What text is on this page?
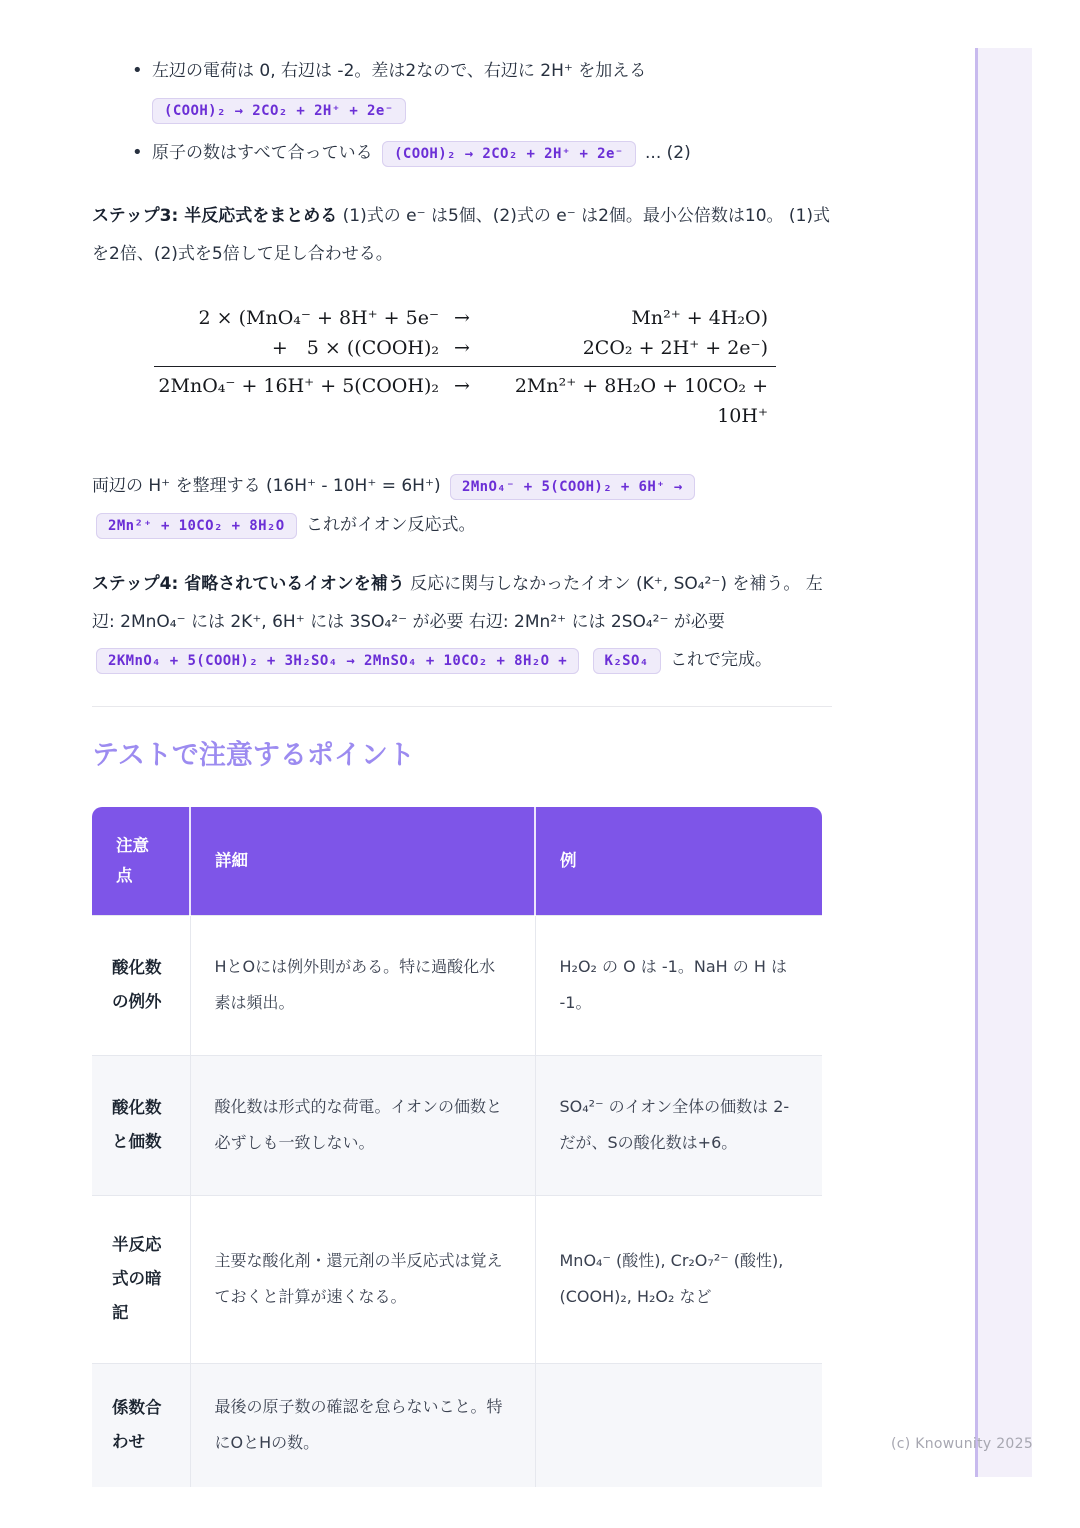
• 左辺の電荷は 0, 右辺は -2。差は2なので、右辺に 2H⁺ を加える
(COOH)₂ → 2CO₂ + 2H⁺ + 2e⁻
• 原子の数はすべて合っている (COOH)₂ → 2CO₂ + 2H⁺ + 2e⁻ ... (2)

ステップ3: 半反応式をまとめる (1)式の e⁻ は5個、(2)式の e⁻ は2個。最小公倍数は10。 (1)式を2倍、(2)式を5倍して足し合わせる。

2 × (MnO₄⁻ + 8H⁺ + 5e⁻ →	Mn²⁺ + 4H₂O)
+  5 × ((COOH)₂ →	2CO₂ + 2H⁺ + 2e⁻)
2MnO₄⁻ + 16H⁺ + 5(COOH)₂ →	2Mn²⁺ + 8H₂O + 10CO₂ + 10H⁺

両辺の H⁺ を整理する (16H⁺ - 10H⁺ = 6H⁺) 2MnO₄⁻ + 5(COOH)₂ + 6H⁺ → 2Mn²⁺ + 10CO₂ + 8H₂O これがイオン反応式。

ステップ4: 省略されているイオンを補う 反応に関与しなかったイオン (K⁺, SO₄²⁻) を補う。 左辺: 2MnO₄⁻ には 2K⁺, 6H⁺ には 3SO₄²⁻ が必要 右辺: 2Mn²⁺ には 2SO₄²⁻ が必要 2KMnO₄ + 5(COOH)₂ + 3H₂SO₄ → 2MnSO₄ + 10CO₂ + 8H₂O +	K₂SO₄ これで完成。

テストで注意するポイント
注意点	詳細	例
酸化数の例外	HとOには例外則がある。特に過酸化水素は頻出。	H₂O₂ の O は -1。NaH の H は -1。
酸化数と価数	酸化数は形式的な荷電。イオンの価数と必ずしも一致しない。	SO₄²⁻ のイオン全体の価数は 2- だが、Sの酸化数は+6。
半反応式の暗記	主要な酸化剤・還元剤の半反応式は覚えておくと計算が速くなる。	MnO₄⁻ (酸性), Cr₂O₇²⁻ (酸性), (COOH)₂, H₂O₂ など
係数合わせ	最後の原子数の確認を怠らないこと。特にOとHの数。		(c) Knowunity 2025
